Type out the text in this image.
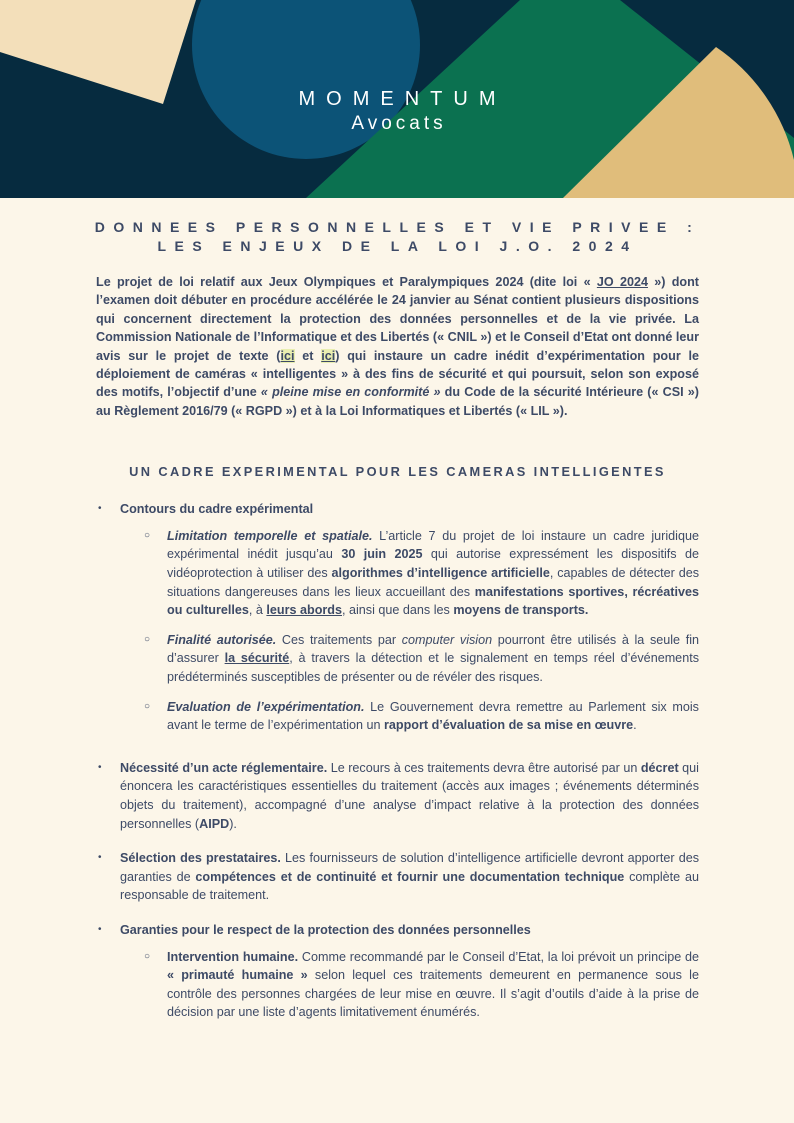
MOMENTUM
Avocats
DONNEES PERSONNELLES ET VIE PRIVEE :
LES ENJEUX DE LA LOI J.O. 2024
Le projet de loi relatif aux Jeux Olympiques et Paralympiques 2024 (dite loi « JO 2024 ») dont l’examen doit débuter en procédure accélérée le 24 janvier au Sénat contient plusieurs dispositions qui concernent directement la protection des données personnelles et de la vie privée. La Commission Nationale de l’Informatique et des Libertés (« CNIL ») et le Conseil d’Etat ont donné leur avis sur le projet de texte (ici et ici) qui instaure un cadre inédit d’expérimentation pour le déploiement de caméras « intelligentes » à des fins de sécurité et qui poursuit, selon son exposé des motifs, l’objectif d’une « pleine mise en conformité » du Code de la sécurité Intérieure (« CSI ») au Règlement 2016/79 (« RGPD ») et à la Loi Informatiques et Libertés (« LIL »).
UN CADRE EXPERIMENTAL POUR LES CAMERAS INTELLIGENTES
• Contours du cadre expérimental
○ Limitation temporelle et spatiale. L’article 7 du projet de loi instaure un cadre juridique expérimental inédit jusqu’au 30 juin 2025 qui autorise expressément les dispositifs de vidéoprotection à utiliser des algorithmes d’intelligence artificielle, capables de détecter des situations dangereuses dans les lieux accueillant des manifestations sportives, récréatives ou culturelles, à leurs abords, ainsi que dans les moyens de transports.
○ Finalité autorisée. Ces traitements par computer vision pourront être utilisés à la seule fin d’assurer la sécurité, à travers la détection et le signalement en temps réel d’événements prédéterminés susceptibles de présenter ou de révéler des risques.
○ Evaluation de l’expérimentation. Le Gouvernement devra remettre au Parlement six mois avant le terme de l’expérimentation un rapport d’évaluation de sa mise en œuvre.
• Nécessité d’un acte réglementaire. Le recours à ces traitements devra être autorisé par un décret qui énoncera les caractéristiques essentielles du traitement (accès aux images ; événements déterminés objets du traitement), accompagné d’une analyse d’impact relative à la protection des données personnelles (AIPD).
• Sélection des prestataires. Les fournisseurs de solution d’intelligence artificielle devront apporter des garanties de compétences et de continuité et fournir une documentation technique complète au responsable de traitement.
• Garanties pour le respect de la protection des données personnelles
○ Intervention humaine. Comme recommandé par le Conseil d’Etat, la loi prévoit un principe de « primauté humaine » selon lequel ces traitements demeurent en permanence sous le contrôle des personnes chargées de leur mise en œuvre. Il s’agit d’outils d’aide à la prise de décision par une liste d’agents limitativement énumérés.
